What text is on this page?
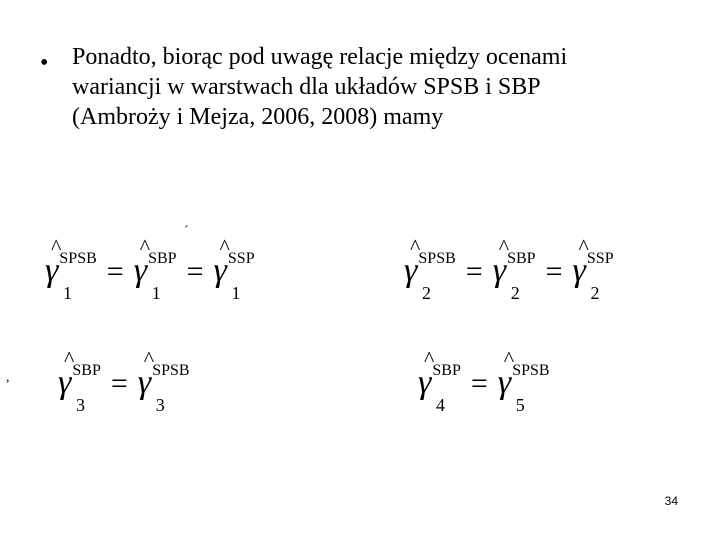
• Ponadto, biorąc pod uwagę relacje między ocenami
wariancji w warstwach dla układów SPSB i SBP
(Ambroży i Mejza, 2006, 2008) mamy
´
,
^ $\gamma^{SPSB}$
1
= ^ $\gamma^{SBP}$
1
= ^ $\gamma^{SSP}$
1
^ $\gamma^{SPSB}$
2
= ^ $\gamma^{SBP}$
2
= ^ $\gamma^{SSP}$
2
^ $\gamma^{SBP}$
3
= ^ $\gamma^{SPSB}$
3
^ $\gamma^{SBP}$
4
= ^ $\gamma^{SPSB}$
5
34
